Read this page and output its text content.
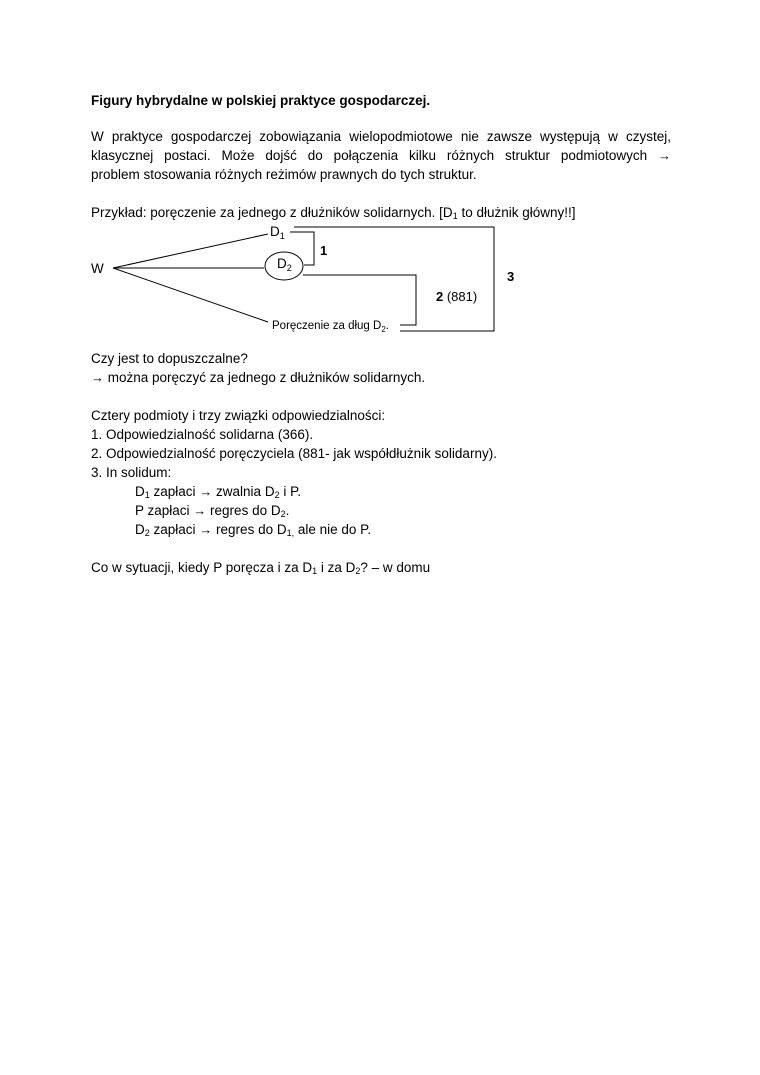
Figury hybrydalne w polskiej praktyce gospodarczej.
W praktyce gospodarczej zobowiązania wielopodmiotowe nie zawsze występują w czystej,
klasycznej postaci. Może dojść do połączenia kilku różnych struktur podmiotowych →
problem stosowania różnych reżimów prawnych do tych struktur.
Przykład: poręczenie za jednego z dłużników solidarnych. [$D_1$ to dłużnik główny!!]
W
$D_1$
$D_2$
1
2 (881)
3
Poręczenie za dług $D_2$.
Czy jest to dopuszczalne?
→ można poręczyć za jednego z dłużników solidarnych.
Cztery podmioty i trzy związki odpowiedzialności:
1. Odpowiedzialność solidarna (366).
2. Odpowiedzialność poręczyciela (881- jak współdłużnik solidarny).
3. In solidum:
$D_1$ zapłaci → zwalnia $D_2$ i P.
P zapłaci → regres do $D_2$.
$D_2$ zapłaci → regres do $D_{1,}$ ale nie do P.
Co w sytuacji, kiedy P poręcza i za $D_1$ i za $D_2$? – w domu
